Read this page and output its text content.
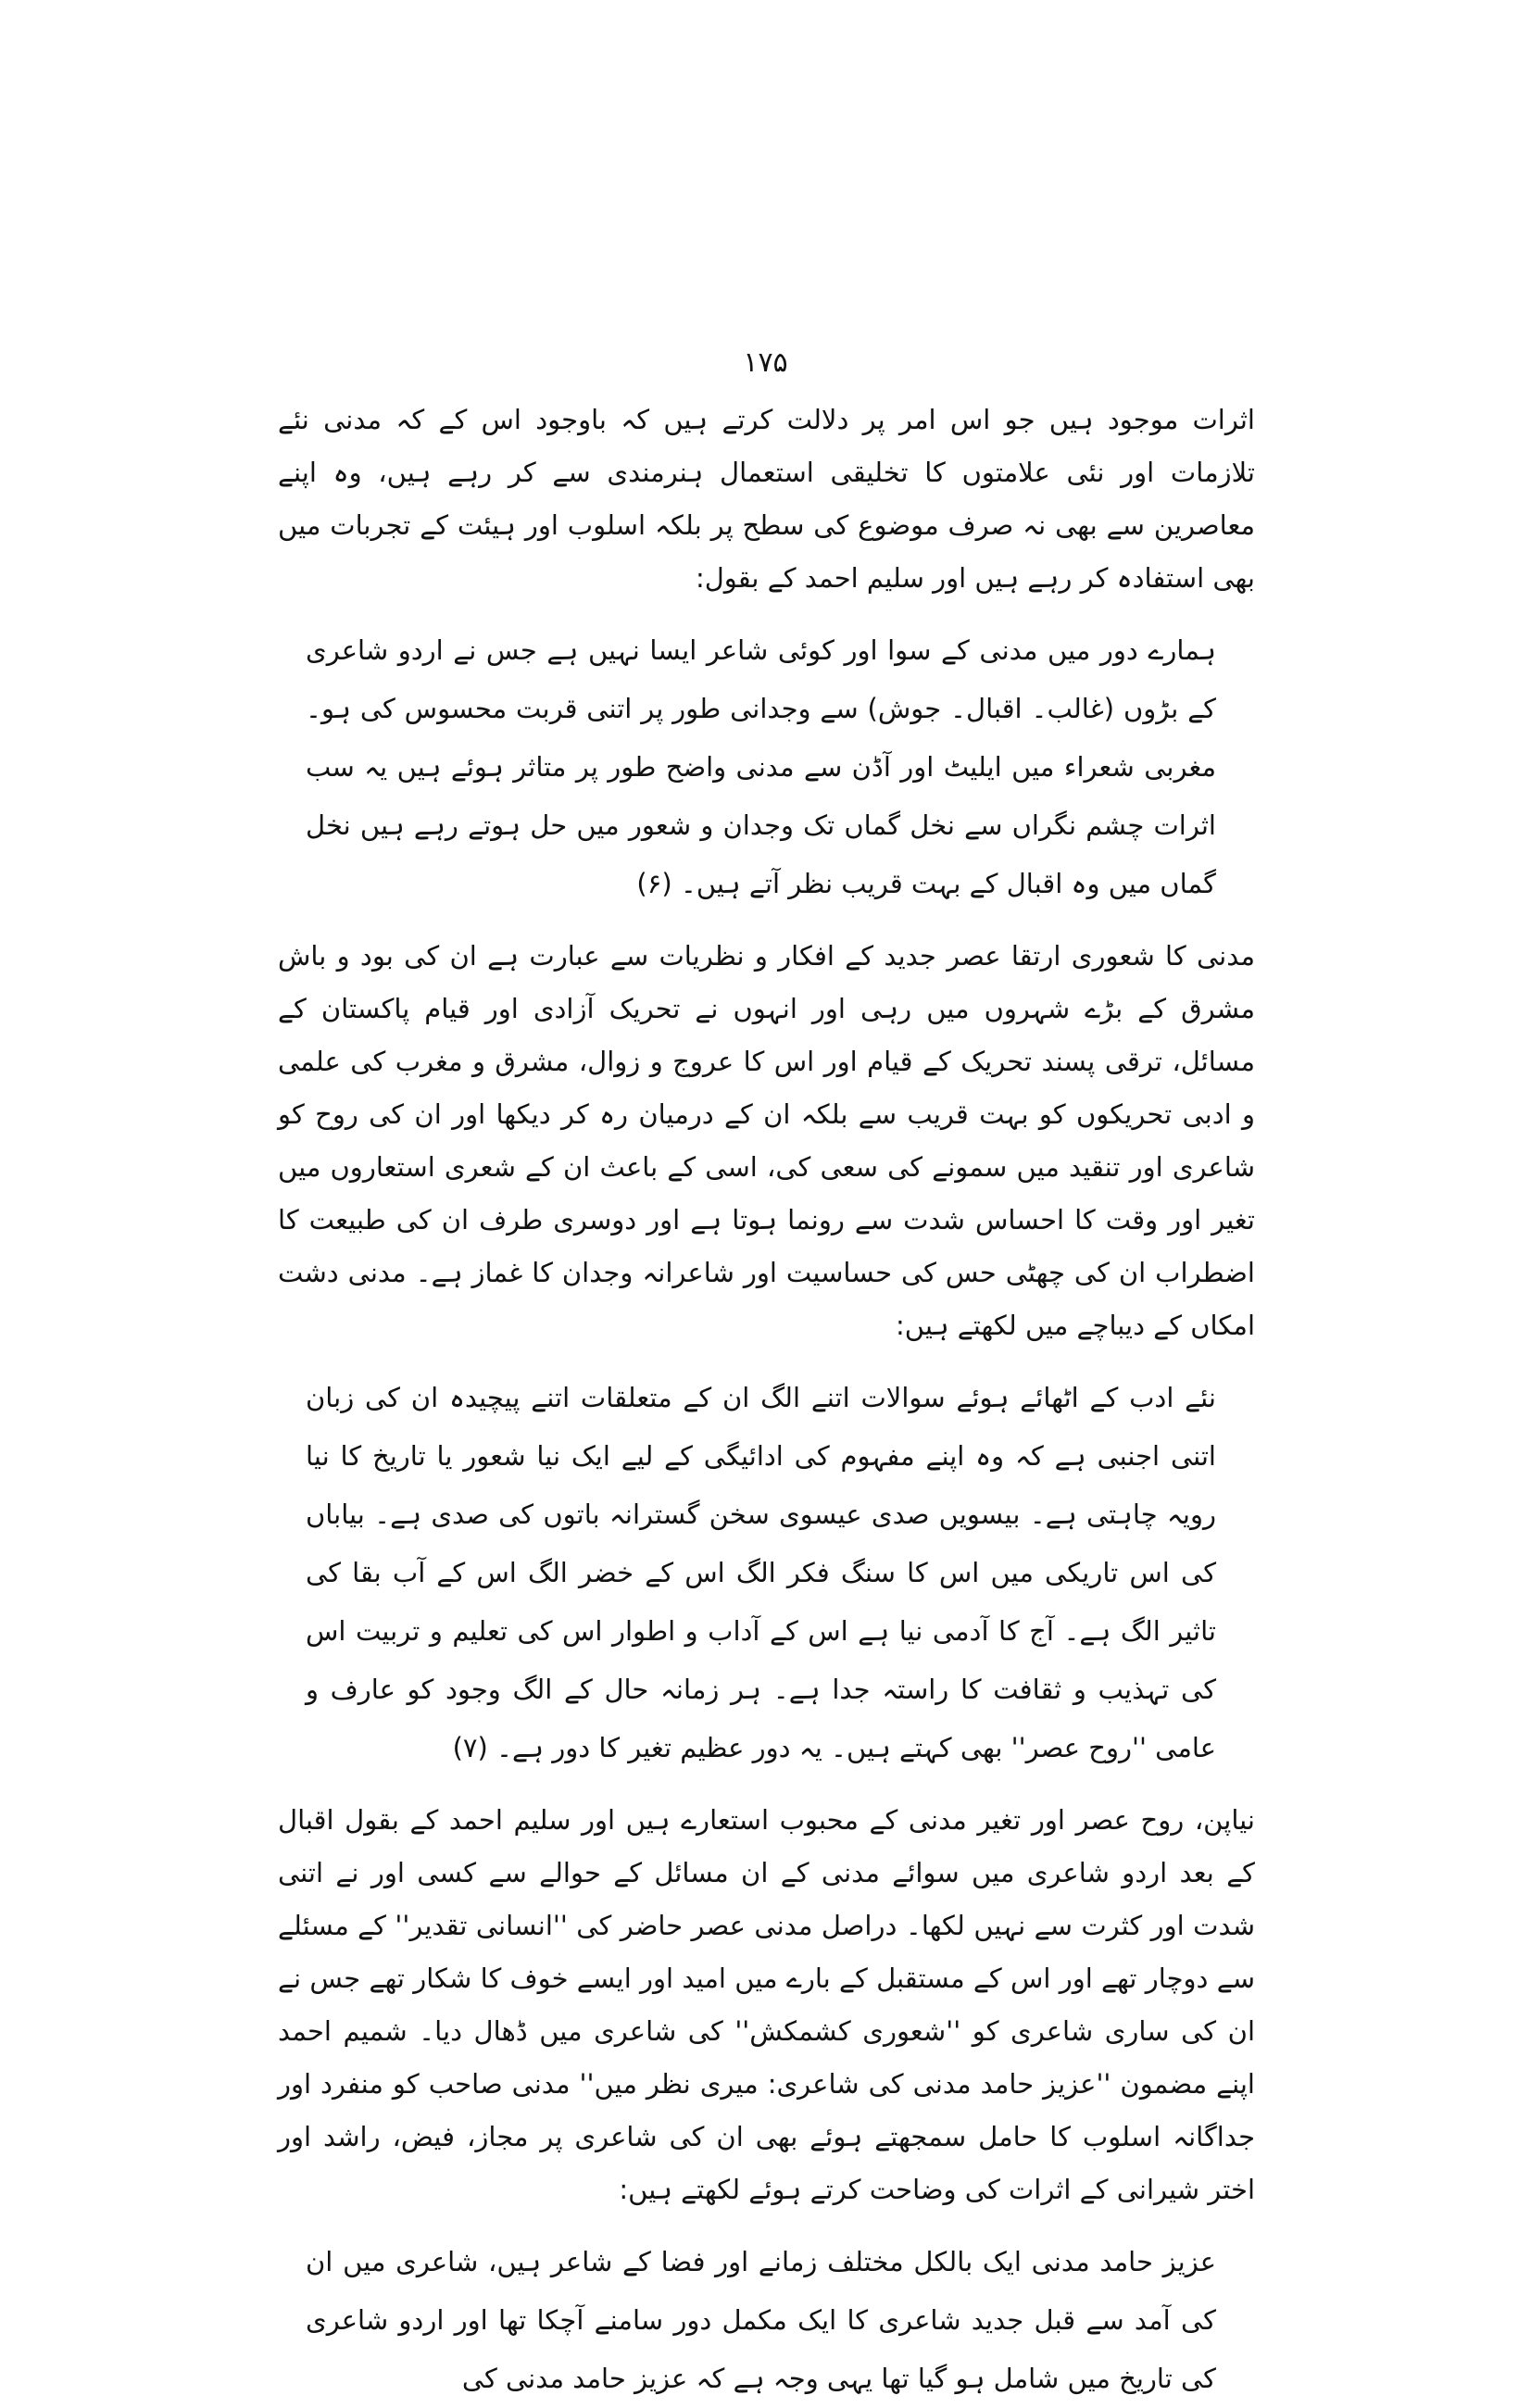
۱۷۵

اثرات موجود ہیں جو اس امر پر دلالت کرتے ہیں کہ باوجود اس کے کہ مدنی نئے تلازمات اور نئی علامتوں کا تخلیقی استعمال ہنرمندی سے کر رہے ہیں، وہ اپنے معاصرین سے بھی نہ صرف موضوع کی سطح پر بلکہ اسلوب اور ہیئت کے تجربات میں بھی استفادہ کر رہے ہیں اور سلیم احمد کے بقول:

ہمارے دور میں مدنی کے سوا اور کوئی شاعر ایسا نہیں ہے جس نے اردو شاعری کے بڑوں (غالب۔ اقبال۔ جوش) سے وجدانی طور پر اتنی قربت محسوس کی ہو۔ مغربی شعراء میں ایلیٹ اور آڈن سے مدنی واضح طور پر متاثر ہوئے ہیں یہ سب اثرات چشم نگراں سے نخل گماں تک وجدان و شعور میں حل ہوتے رہے ہیں نخل گماں میں وہ اقبال کے بہت قریب نظر آتے ہیں۔ (۶)

مدنی کا شعوری ارتقا عصر جدید کے افکار و نظریات سے عبارت ہے ان کی بود و باش مشرق کے بڑے شہروں میں رہی اور انہوں نے تحریک آزادی اور قیام پاکستان کے مسائل، ترقی پسند تحریک کے قیام اور اس کا عروج و زوال، مشرق و مغرب کی علمی و ادبی تحریکوں کو بہت قریب سے بلکہ ان کے درمیان رہ کر دیکھا اور ان کی روح کو شاعری اور تنقید میں سمونے کی سعی کی، اسی کے باعث ان کے شعری استعاروں میں تغیر اور وقت کا احساس شدت سے رونما ہوتا ہے اور دوسری طرف ان کی طبیعت کا اضطراب ان کی چھٹی حس کی حساسیت اور شاعرانہ وجدان کا غماز ہے۔ مدنی دشت امکاں کے دیباچے میں لکھتے ہیں:

نئے ادب کے اٹھائے ہوئے سوالات اتنے الگ ان کے متعلقات اتنے پیچیدہ ان کی زبان اتنی اجنبی ہے کہ وہ اپنے مفہوم کی ادائیگی کے لیے ایک نیا شعور یا تاریخ کا نیا رویہ چاہتی ہے۔ بیسویں صدی عیسوی سخن گسترانہ باتوں کی صدی ہے۔ بیاباں کی اس تاریکی میں اس کا سنگ فکر الگ اس کے خضر الگ اس کے آب بقا کی تاثیر الگ ہے۔ آج کا آدمی نیا ہے اس کے آداب و اطوار اس کی تعلیم و تربیت اس کی تہذیب و ثقافت کا راستہ جدا ہے۔ ہر زمانہ حال کے الگ وجود کو عارف و عامی ''روح عصر'' بھی کہتے ہیں۔ یہ دور عظیم تغیر کا دور ہے۔ (۷)

نیاپن، روح عصر اور تغیر مدنی کے محبوب استعارے ہیں اور سلیم احمد کے بقول اقبال کے بعد اردو شاعری میں سوائے مدنی کے ان مسائل کے حوالے سے کسی اور نے اتنی شدت اور کثرت سے نہیں لکھا۔ دراصل مدنی عصر حاضر کی ''انسانی تقدیر'' کے مسئلے سے دوچار تھے اور اس کے مستقبل کے بارے میں امید اور ایسے خوف کا شکار تھے جس نے ان کی ساری شاعری کو ''شعوری کشمکش'' کی شاعری میں ڈھال دیا۔ شمیم احمد اپنے مضمون ''عزیز حامد مدنی کی شاعری: میری نظر میں'' مدنی صاحب کو منفرد اور جداگانہ اسلوب کا حامل سمجھتے ہوئے بھی ان کی شاعری پر مجاز، فیض، راشد اور اختر شیرانی کے اثرات کی وضاحت کرتے ہوئے لکھتے ہیں:

عزیز حامد مدنی ایک بالکل مختلف زمانے اور فضا کے شاعر ہیں، شاعری میں ان کی آمد سے قبل جدید شاعری کا ایک مکمل دور سامنے آچکا تھا اور اردو شاعری کی تاریخ میں شامل ہو گیا تھا یہی وجہ ہے کہ عزیز حامد مدنی کی
